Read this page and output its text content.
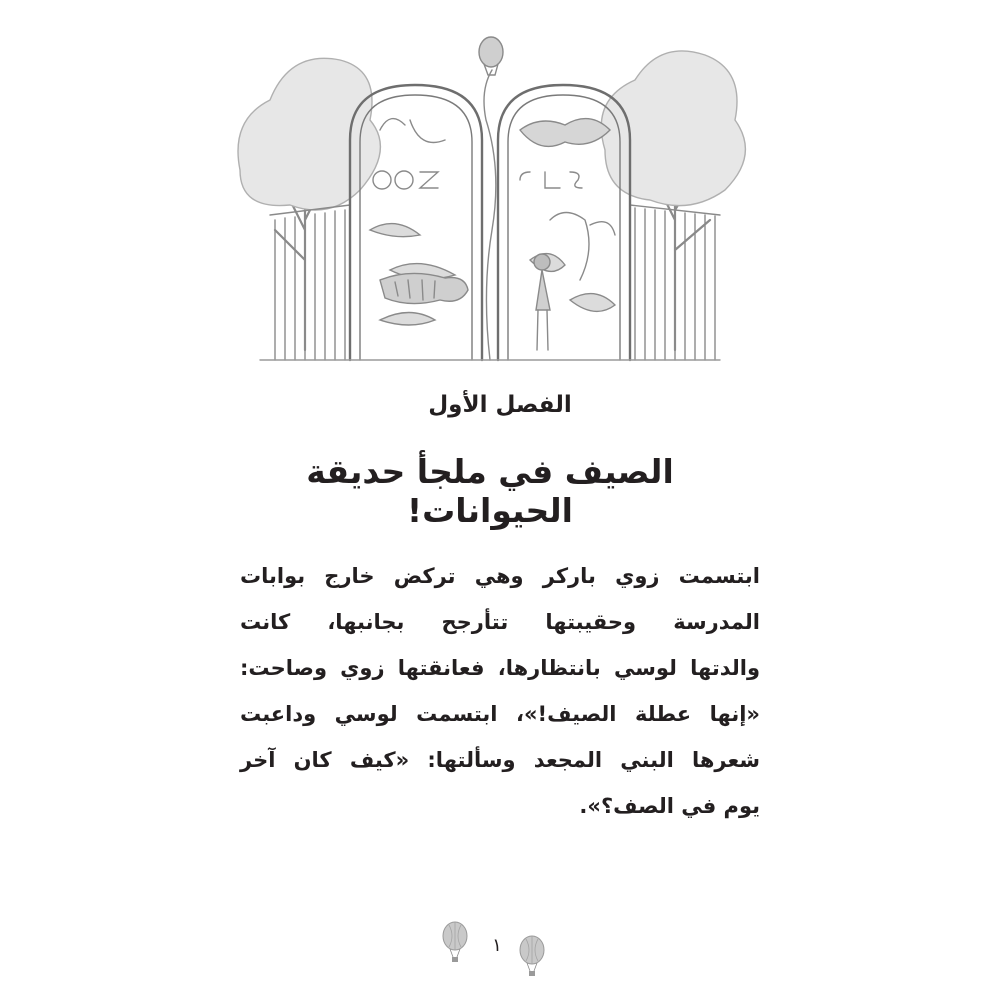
الفصل الأول
الصيف في ملجأ حديقة الحيوانات!
ابتسمت زوي باركر وهي تركض خارج بوابات
المدرسة وحقيبتها تتأرجح بجانبها، كانت
والدتها لوسي بانتظارها، فعانقتها زوي وصاحت:
«إنها عطلة الصيف!»، ابتسمت لوسي وداعبت
شعرها البني المجعد وسألتها: «كيف كان آخر
يوم في الصف؟».
١
